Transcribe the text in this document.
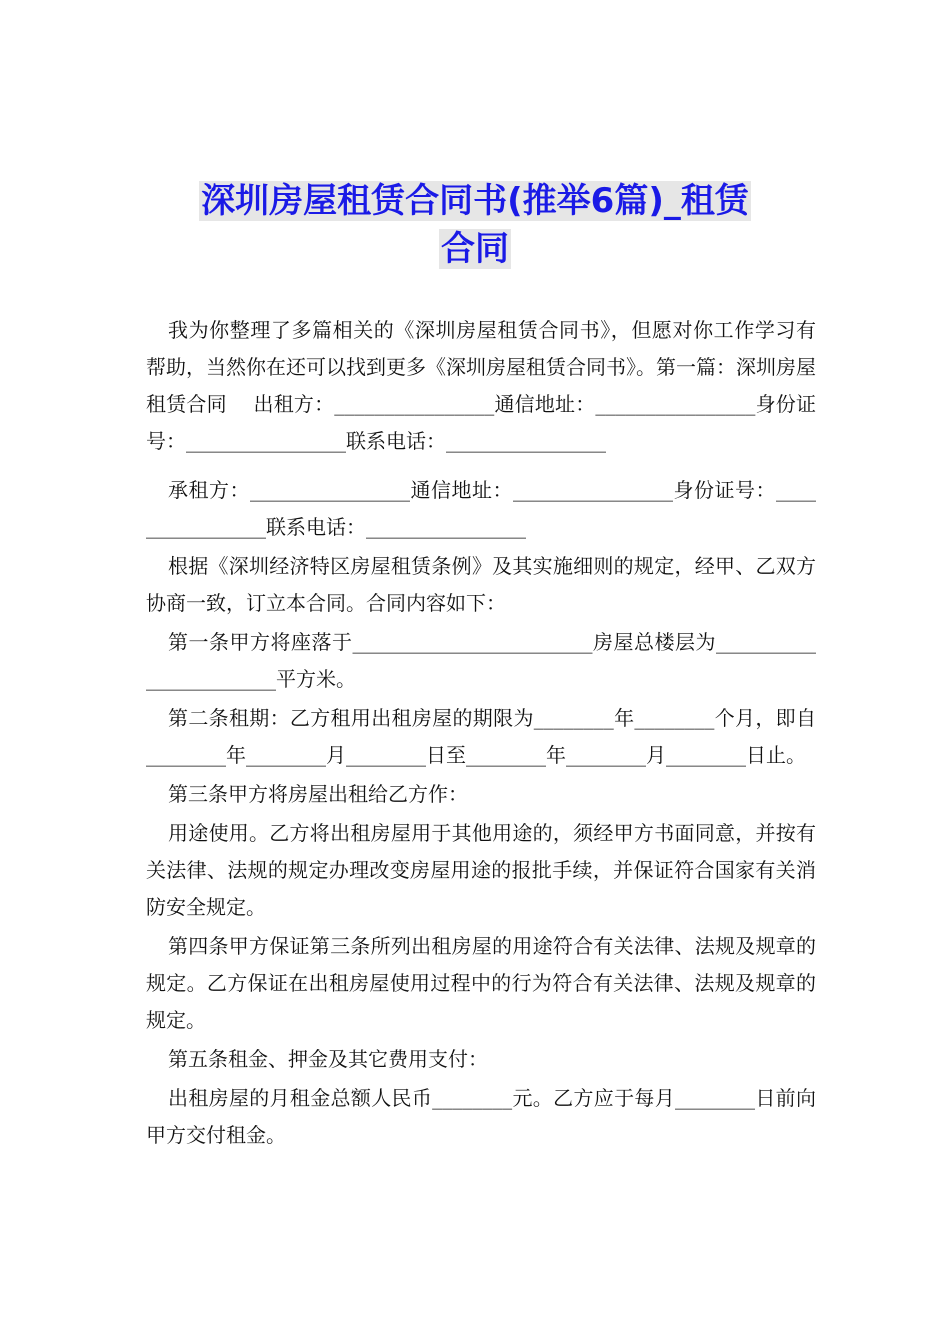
深圳房屋租赁合同书(推举6篇)_租赁
合同

我为你整理了多篇相关的《深圳房屋租赁合同书》，但愿对你工作学习有帮助，当然你在还可以找到更多《深圳房屋租赁合同书》。第一篇：深圳房屋租赁合同　 出租方：________________通信地址：________________身份证号：________________联系电话：________________

承租方：________________通信地址：________________身份证号：________________联系电话：________________

根据《深圳经济特区房屋租赁条例》及其实施细则的规定，经甲、乙双方协商一致，订立本合同。合同内容如下：

第一条甲方将座落于________________________房屋总楼层为_______________________平方米。

第二条租期：乙方租用出租房屋的期限为________年________个月，即自________年________月________日至________年________月________日止。

第三条甲方将房屋出租给乙方作：

用途使用。乙方将出租房屋用于其他用途的，须经甲方书面同意，并按有关法律、法规的规定办理改变房屋用途的报批手续，并保证符合国家有关消防安全规定。

第四条甲方保证第三条所列出租房屋的用途符合有关法律、法规及规章的规定。乙方保证在出租房屋使用过程中的行为符合有关法律、法规及规章的规定。

第五条租金、押金及其它费用支付：

出租房屋的月租金总额人民币________元。乙方应于每月________日前向甲方交付租金。
